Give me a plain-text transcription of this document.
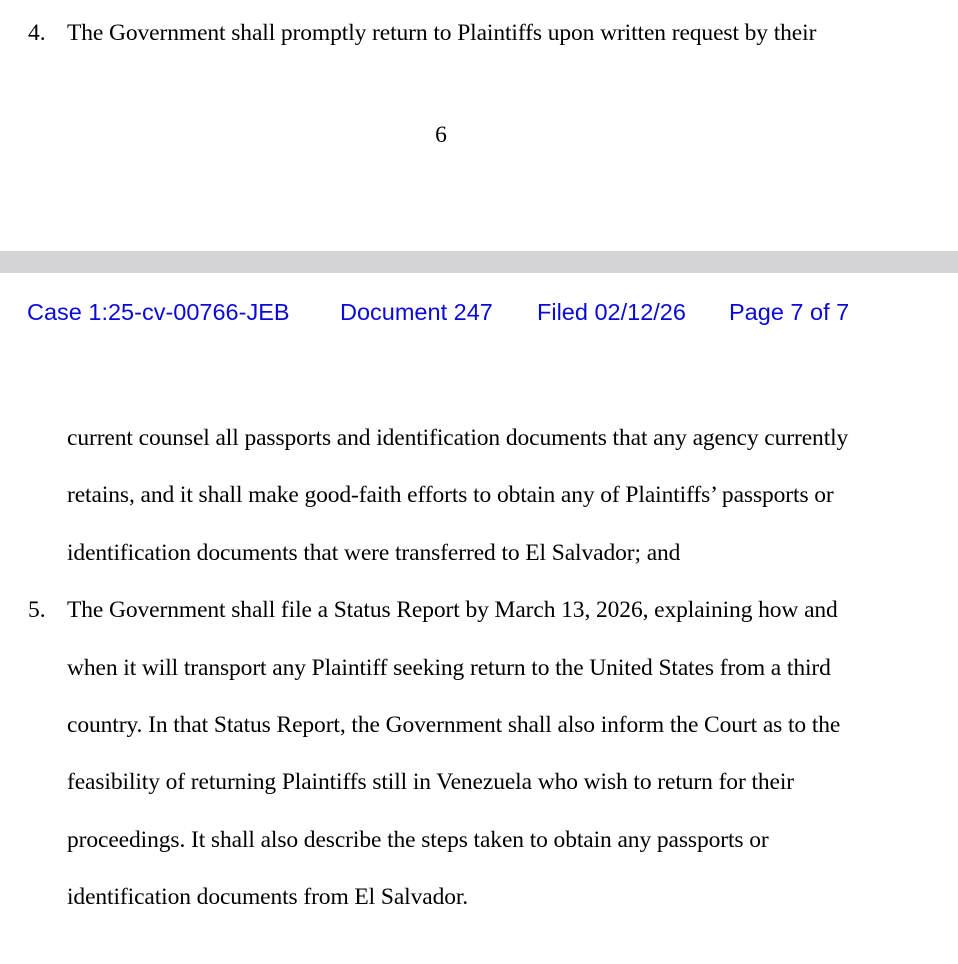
4. The Government shall promptly return to Plaintiffs upon written request by their
6
Case 1:25-cv-00766-JEB Document 247 Filed 02/12/26 Page 7 of 7
current counsel all passports and identification documents that any agency currently
retains, and it shall make good-faith efforts to obtain any of Plaintiffs’ passports or
identification documents that were transferred to El Salvador; and
5. The Government shall file a Status Report by March 13, 2026, explaining how and
when it will transport any Plaintiff seeking return to the United States from a third
country. In that Status Report, the Government shall also inform the Court as to the
feasibility of returning Plaintiffs still in Venezuela who wish to return for their
proceedings. It shall also describe the steps taken to obtain any passports or
identification documents from El Salvador.
